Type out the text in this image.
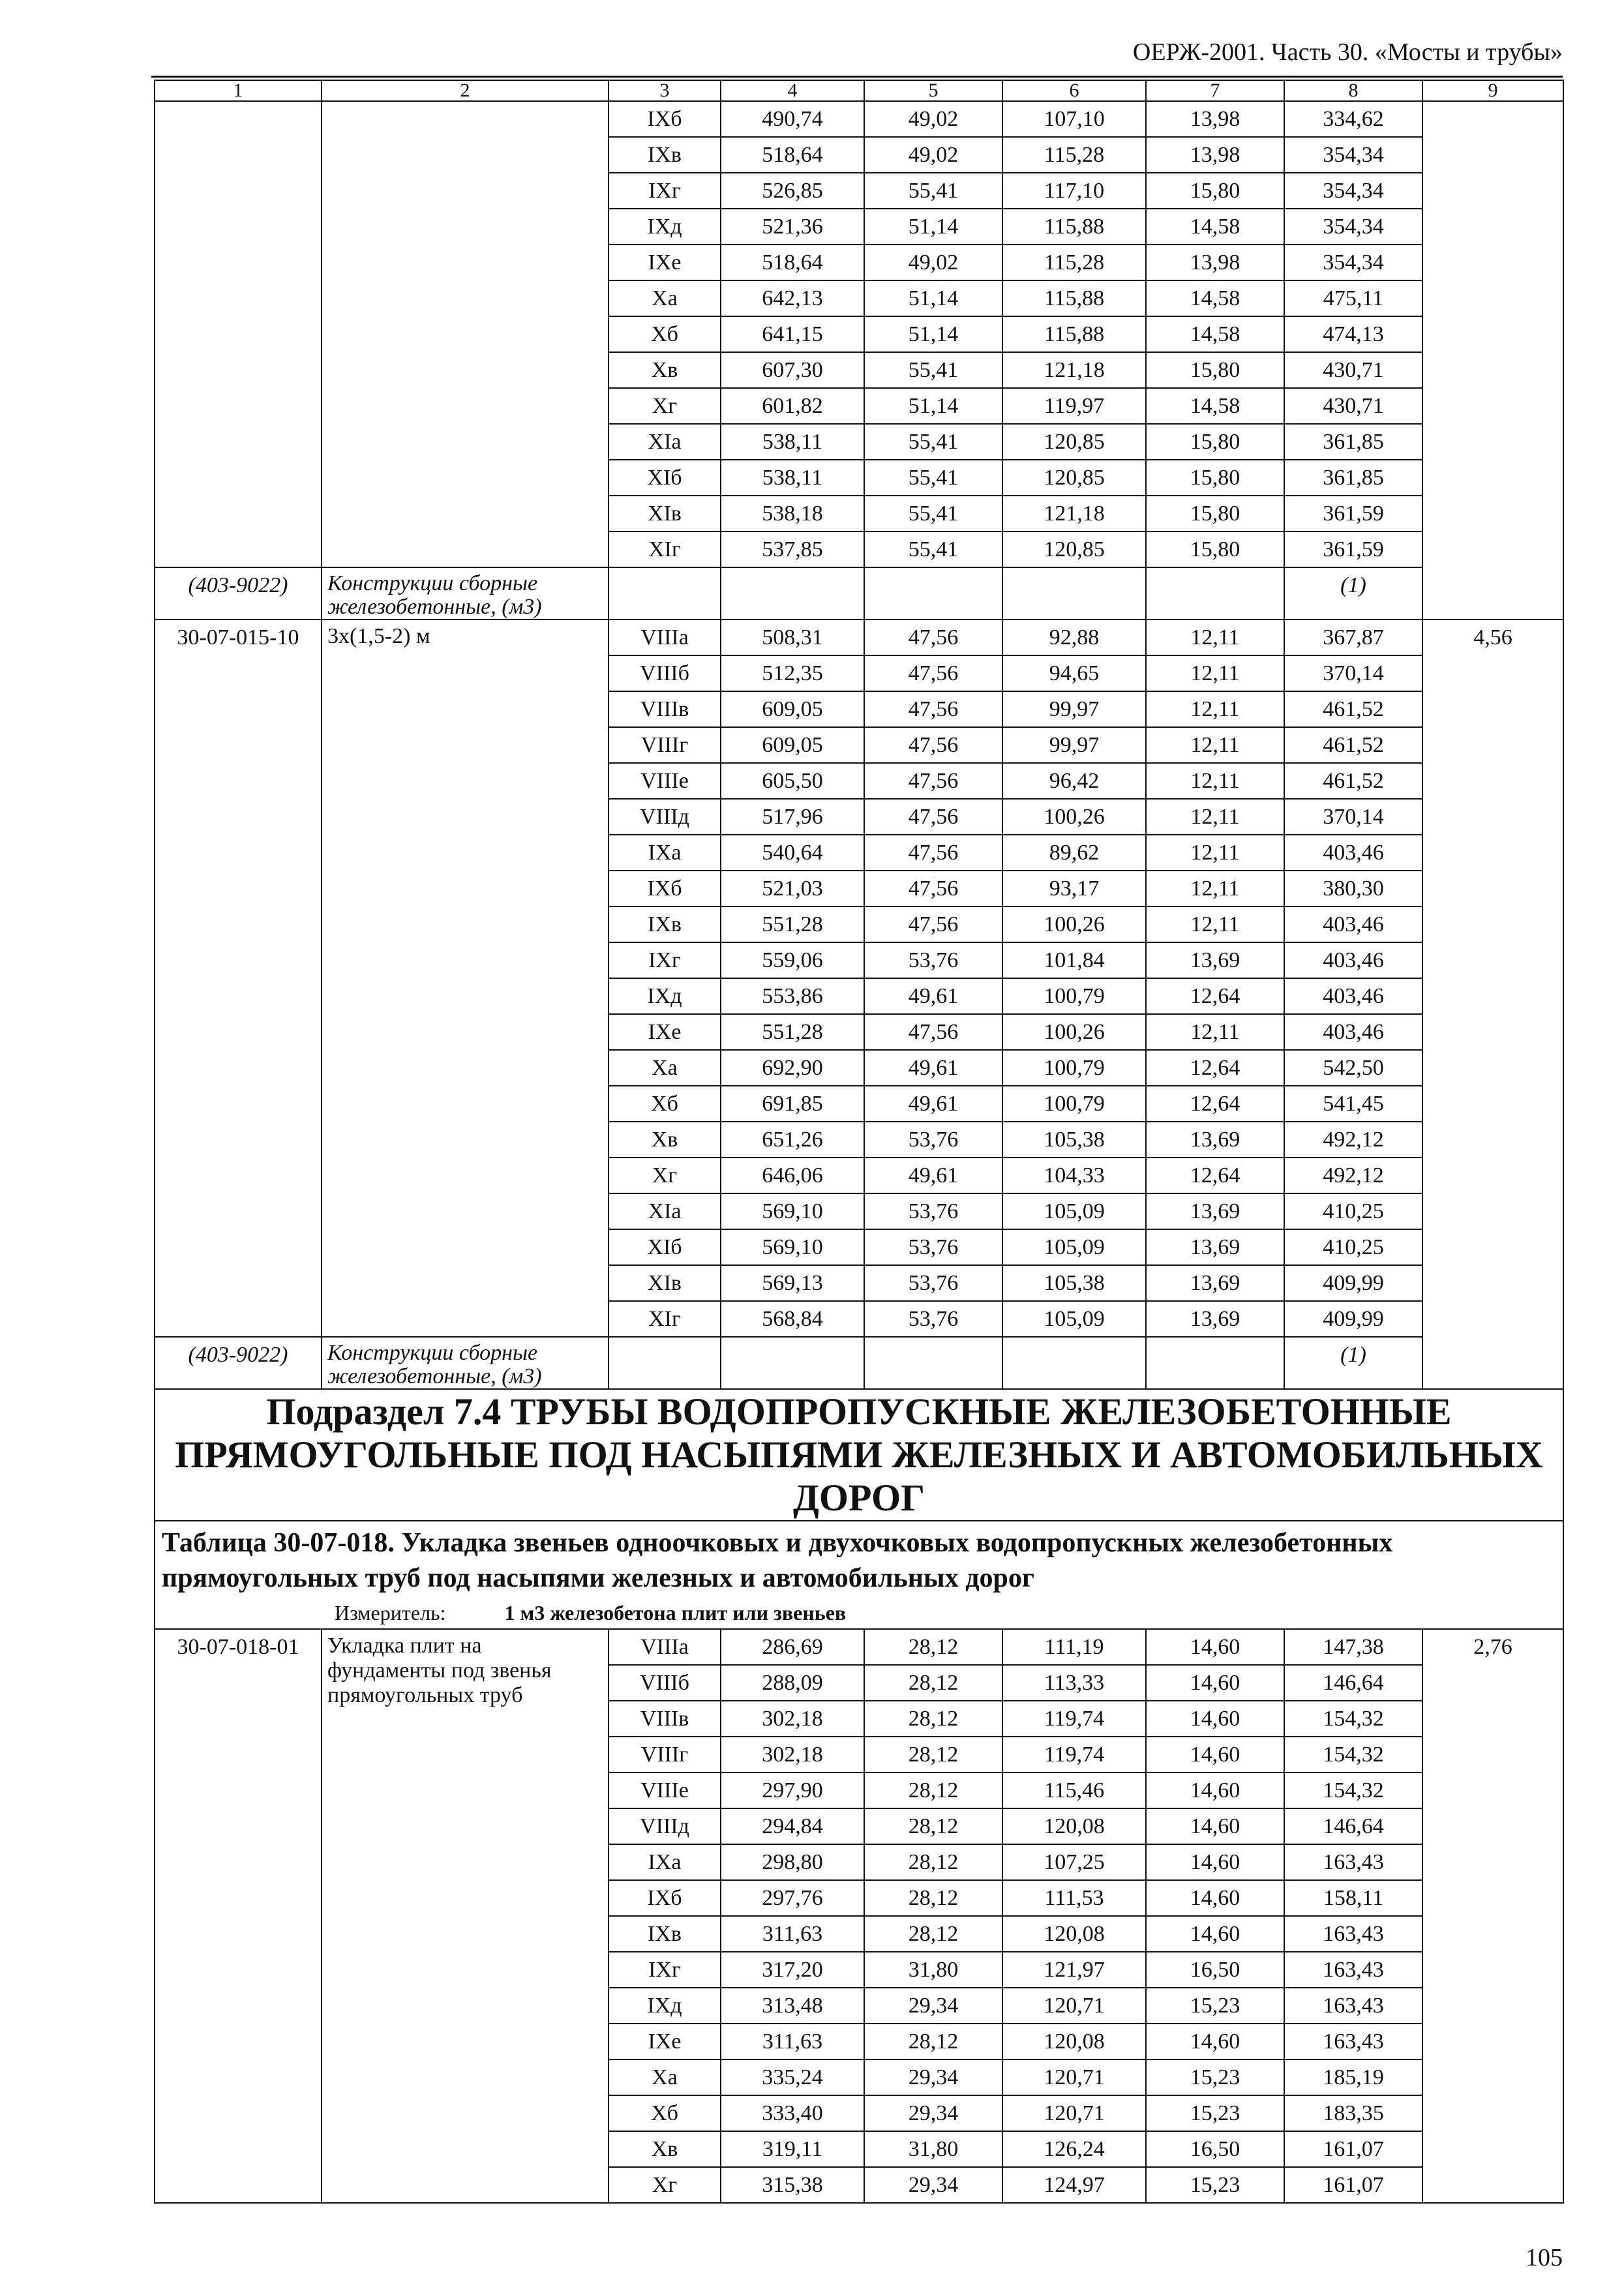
ОЕРЖ-2001. Часть 30. «Мосты и трубы»
1	2	3	4	5	6	7	8	9
		IXб	490,74	49,02	107,10	13,98	334,62	
		IXв	518,64	49,02	115,28	13,98	354,34	
		IXг	526,85	55,41	117,10	15,80	354,34	
		IXд	521,36	51,14	115,88	14,58	354,34	
		IXе	518,64	49,02	115,28	13,98	354,34	
		Xа	642,13	51,14	115,88	14,58	475,11	
		Xб	641,15	51,14	115,88	14,58	474,13	
		Xв	607,30	55,41	121,18	15,80	430,71	
		Xг	601,82	51,14	119,97	14,58	430,71	
		XIа	538,11	55,41	120,85	15,80	361,85	
		XIб	538,11	55,41	120,85	15,80	361,85	
		XIв	538,18	55,41	121,18	15,80	361,59	
		XIг	537,85	55,41	120,85	15,80	361,59	
(403-9022)	Конструкции сборные железобетонные, (м3)						(1)	
30-07-015-10	3х(1,5-2) м	VIIIа	508,31	47,56	92,88	12,11	367,87	4,56
		VIIIб	512,35	47,56	94,65	12,11	370,14	
		VIIIв	609,05	47,56	99,97	12,11	461,52	
		VIIIг	609,05	47,56	99,97	12,11	461,52	
		VIIIе	605,50	47,56	96,42	12,11	461,52	
		VIIIд	517,96	47,56	100,26	12,11	370,14	
		IXа	540,64	47,56	89,62	12,11	403,46	
		IXб	521,03	47,56	93,17	12,11	380,30	
		IXв	551,28	47,56	100,26	12,11	403,46	
		IXг	559,06	53,76	101,84	13,69	403,46	
		IXд	553,86	49,61	100,79	12,64	403,46	
		IXе	551,28	47,56	100,26	12,11	403,46	
		Xа	692,90	49,61	100,79	12,64	542,50	
		Xб	691,85	49,61	100,79	12,64	541,45	
		Xв	651,26	53,76	105,38	13,69	492,12	
		Xг	646,06	49,61	104,33	12,64	492,12	
		XIа	569,10	53,76	105,09	13,69	410,25	
		XIб	569,10	53,76	105,09	13,69	410,25	
		XIв	569,13	53,76	105,38	13,69	409,99	
		XIг	568,84	53,76	105,09	13,69	409,99	
(403-9022)	Конструкции сборные железобетонные, (м3)						(1)	
Подраздел 7.4 ТРУБЫ ВОДОПРОПУСКНЫЕ ЖЕЛЕЗОБЕТОННЫЕ ПРЯМОУГОЛЬНЫЕ ПОД НАСЫПЯМИ ЖЕЛЕЗНЫХ И АВТОМОБИЛЬНЫХ ДОРОГ								
Таблица 30-07-018. Укладка звеньев одноочковых и двухочковых водопропускных железобетонных прямоугольных труб под насыпями железных и автомобильных дорог
Измеритель: 1 м3 железобетона плит или звеньев								

30-07-018-01	Укладка плит на фундаменты под звенья прямоугольных труб	VIIIа	286,69	28,12	111,19	14,60	147,38	2,76
		VIIIб	288,09	28,12	113,33	14,60	146,64	
		VIIIв	302,18	28,12	119,74	14,60	154,32	
		VIIIг	302,18	28,12	119,74	14,60	154,32	
		VIIIе	297,90	28,12	115,46	14,60	154,32	
		VIIIд	294,84	28,12	120,08	14,60	146,64	
		IXа	298,80	28,12	107,25	14,60	163,43	
		IXб	297,76	28,12	111,53	14,60	158,11	
		IXв	311,63	28,12	120,08	14,60	163,43	
		IXг	317,20	31,80	121,97	16,50	163,43	
		IXд	313,48	29,34	120,71	15,23	163,43	
		IXе	311,63	28,12	120,08	14,60	163,43	
		Xа	335,24	29,34	120,71	15,23	185,19	
		Xб	333,40	29,34	120,71	15,23	183,35	
		Xв	319,11	31,80	126,24	16,50	161,07	
		Xг	315,38	29,34	124,97	15,23	161,07	
105
